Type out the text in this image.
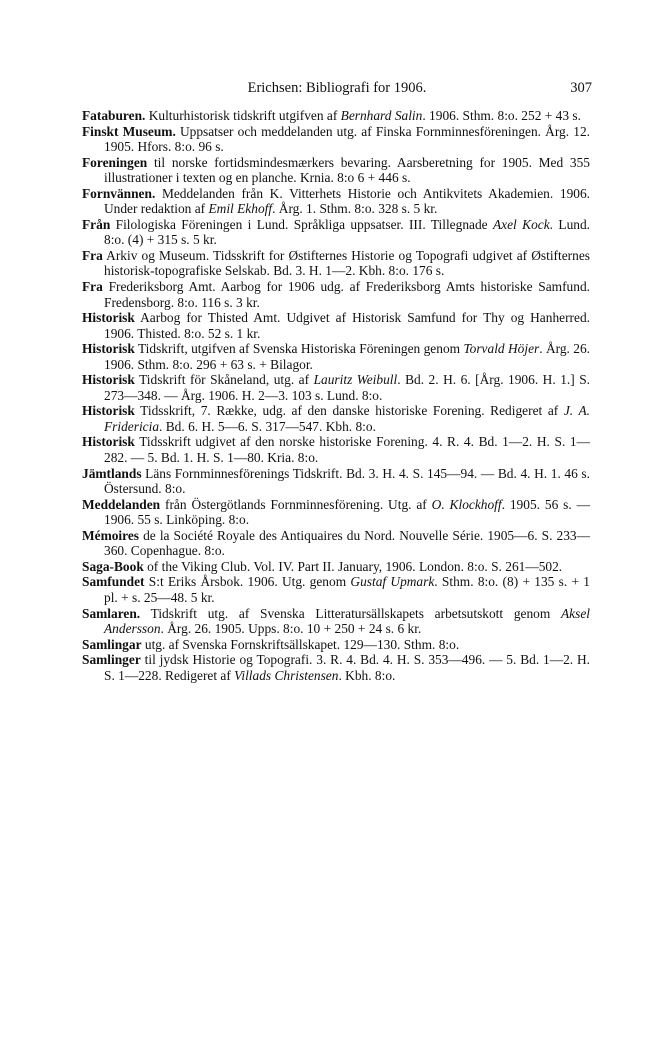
Erichsen: Bibliografi for 1906.	307

Fataburen. Kulturhistorisk tidskrift utgifven af Bernhard Salin. 1906. Sthm. 8:o. 252 + 43 s.

Finskt Museum. Uppsatser och meddelanden utg. af Finska Fornminnesföreningen. Årg. 12. 1905. Hfors. 8:o. 96 s.

Foreningen til norske fortidsmindesmærkers bevaring. Aarsberetning for 1905. Med 355 illustrationer i texten og en planche. Krnia. 8:o 6 + 446 s.

Fornvännen. Meddelanden från K. Vitterhets Historie och Antikvitets Akademien. 1906. Under redaktion af Emil Ekhoff. Årg. 1. Sthm. 8:o. 328 s. 5 kr.

Från Filologiska Föreningen i Lund. Språkliga uppsatser. III. Tillegnade Axel Kock. Lund. 8:o. (4) + 315 s. 5 kr.

Fra Arkiv og Museum. Tidsskrift for Østifternes Historie og Topografi udgivet af Østifternes historisk-topografiske Selskab. Bd. 3. H. 1—2. Kbh. 8:o. 176 s.

Fra Frederiksborg Amt. Aarbog for 1906 udg. af Frederiksborg Amts historiske Samfund. Fredensborg. 8:o. 116 s. 3 kr.

Historisk Aarbog for Thisted Amt. Udgivet af Historisk Samfund for Thy og Hanherred. 1906. Thisted. 8:o. 52 s. 1 kr.

Historisk Tidskrift, utgifven af Svenska Historiska Föreningen genom Torvald Höjer. Årg. 26. 1906. Sthm. 8:o. 296 + 63 s. + Bilagor.

Historisk Tidskrift för Skåneland, utg. af Lauritz Weibull. Bd. 2. H. 6. [Årg. 1906. H. 1.] S. 273—348. — Årg. 1906. H. 2—3. 103 s. Lund. 8:o.

Historisk Tidsskrift, 7. Række, udg. af den danske historiske Forening. Redigeret af J. A. Fridericia. Bd. 6. H. 5—6. S. 317—547. Kbh. 8:o.

Historisk Tidsskrift udgivet af den norske historiske Forening. 4. R. 4. Bd. 1—2. H. S. 1—282. — 5. Bd. 1. H. S. 1—80. Kria. 8:o.

Jämtlands Läns Fornminnesförenings Tidskrift. Bd. 3. H. 4. S. 145—94. — Bd. 4. H. 1. 46 s. Östersund. 8:o.

Meddelanden från Östergötlands Fornminnesförening. Utg. af O. Klockhoff. 1905. 56 s. — 1906. 55 s. Linköping. 8:o.

Mémoires de la Société Royale des Antiquaires du Nord. Nouvelle Série. 1905—6. S. 233—360. Copenhague. 8:o.

Saga-Book of the Viking Club. Vol. IV. Part II. January, 1906. London. 8:o. S. 261—502.

Samfundet S:t Eriks Årsbok. 1906. Utg. genom Gustaf Upmark. Sthm. 8:o. (8) + 135 s. + 1 pl. + s. 25—48. 5 kr.

Samlaren. Tidskrift utg. af Svenska Litteratursällskapets arbetsutskott genom Aksel Andersson. Årg. 26. 1905. Upps. 8:o. 10 + 250 + 24 s. 6 kr.

Samlingar utg. af Svenska Fornskriftsällskapet. 129—130. Sthm. 8:o.

Samlinger til jydsk Historie og Topografi. 3. R. 4. Bd. 4. H. S. 353—496. — 5. Bd. 1—2. H. S. 1—228. Redigeret af Villads Christensen. Kbh. 8:o.
